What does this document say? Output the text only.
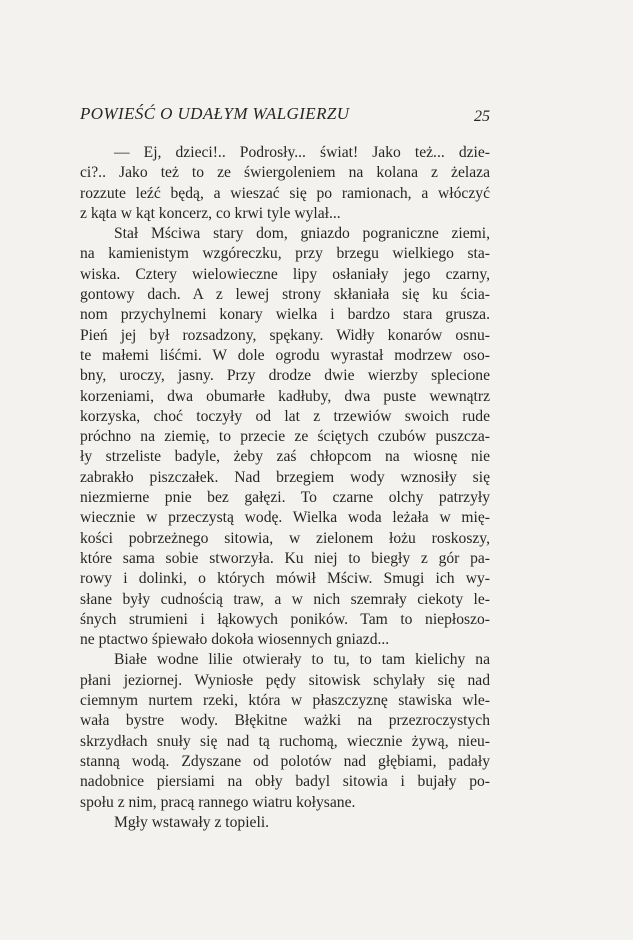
POWIEŚĆ O UDAŁYM WALGIERZU	25
— Ej, dzieci!.. Podrosły... świat! Jako też... dzie-
ci?.. Jako też to ze świergoleniem na kolana z żelaza
rozzute leźć będą, a wieszać się po ramionach, a włóczyć
z kąta w kąt koncerz, co krwi tyle wylał...
Stał Mściwa stary dom, gniazdo pograniczne ziemi,
na kamienistym wzgóreczku, przy brzegu wielkiego sta-
wiska. Cztery wielowieczne lipy osłaniały jego czarny,
gontowy dach. A z lewej strony skłaniała się ku ścia-
nom przychylnemi konary wielka i bardzo stara grusza.
Pień jej był rozsadzony, spękany. Widły konarów osnu-
te małemi liśćmi. W dole ogrodu wyrastał modrzew oso-
bny, uroczy, jasny. Przy drodze dwie wierzby splecione
korzeniami, dwa obumarłe kadłuby, dwa puste wewnątrz
korzyska, choć toczyły od lat z trzewiów swoich rude
próchno na ziemię, to przecie ze ściętych czubów puszcza-
ły strzeliste badyle, żeby zaś chłopcom na wiosnę nie
zabrakło piszczałek. Nad brzegiem wody wznosiły się
niezmierne pnie bez gałęzi. To czarne olchy patrzyły
wiecznie w przeczystą wodę. Wielka woda leżała w mię-
kości pobrzeżnego sitowia, w zielonem łożu roskoszy,
które sama sobie stworzyła. Ku niej to biegły z gór pa-
rowy i dolinki, o których mówił Mściw. Smugi ich wy-
słane były cudnością traw, a w nich szemrały ciekoty le-
śnych strumieni i łąkowych poników. Tam to niepłoszo-
ne ptactwo śpiewało dokoła wiosennych gniazd...
Białe wodne lilie otwierały to tu, to tam kielichy na
płani jeziornej. Wyniosłe pędy sitowisk schylały się nad
ciemnym nurtem rzeki, która w płaszczyznę stawiska wle-
wała bystre wody. Błękitne ważki na przezroczystych
skrzydłach snuły się nad tą ruchomą, wiecznie żywą, nieu-
stanną wodą. Zdyszane od polotów nad głębiami, padały
nadobnice piersiami na obły badyl sitowia i bujały po-
społu z nim, pracą rannego wiatru kołysane.
Mgły wstawały z topieli.
